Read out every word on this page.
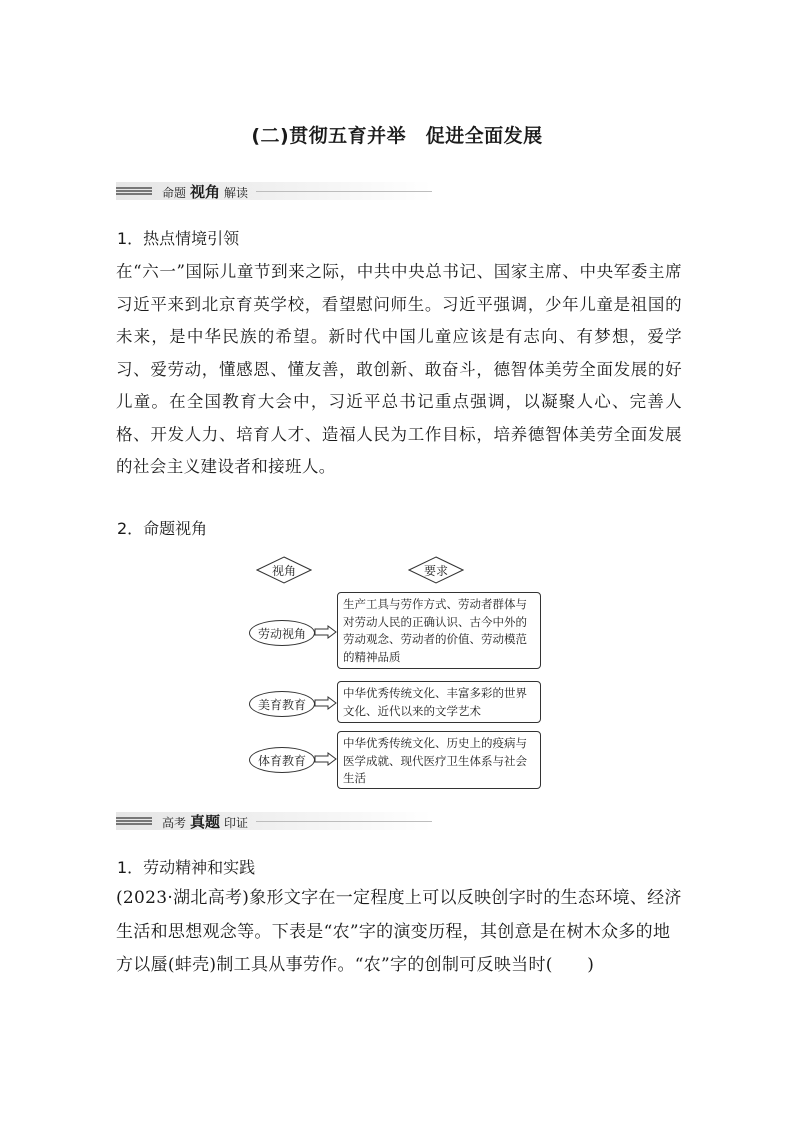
(二)贯彻五育并举　促进全面发展
命题 视角 解读
1．热点情境引领
在“六一”国际儿童节到来之际，中共中央总书记、国家主席、中央军委主席习近平来到北京育英学校，看望慰问师生。习近平强调，少年儿童是祖国的未来，是中华民族的希望。新时代中国儿童应该是有志向、有梦想，爱学习、爱劳动，懂感恩、懂友善，敢创新、敢奋斗，德智体美劳全面发展的好儿童。在全国教育大会中，习近平总书记重点强调，以凝聚人心、完善人格、开发人力、培育人才、造福人民为工作目标，培养德智体美劳全面发展的社会主义建设者和接班人。
2．命题视角
视角	要求
劳动视角
生产工具与劳作方式、劳动者群体与对劳动人民的正确认识、古今中外的劳动观念、劳动者的价值、劳动模范的精神品质
美育教育
中华优秀传统文化、丰富多彩的世界文化、近代以来的文学艺术
体育教育
中华优秀传统文化、历史上的疫病与医学成就、现代医疗卫生体系与社会生活
高考 真题 印证
1．劳动精神和实践
(2023·湖北高考)象形文字在一定程度上可以反映创字时的生态环境、经济生活和思想观念等。下表是“农”字的演变历程，其创意是在树木众多的地方以蜃(蚌壳)制工具从事劳作。“农”字的创制可反映当时(　　)
